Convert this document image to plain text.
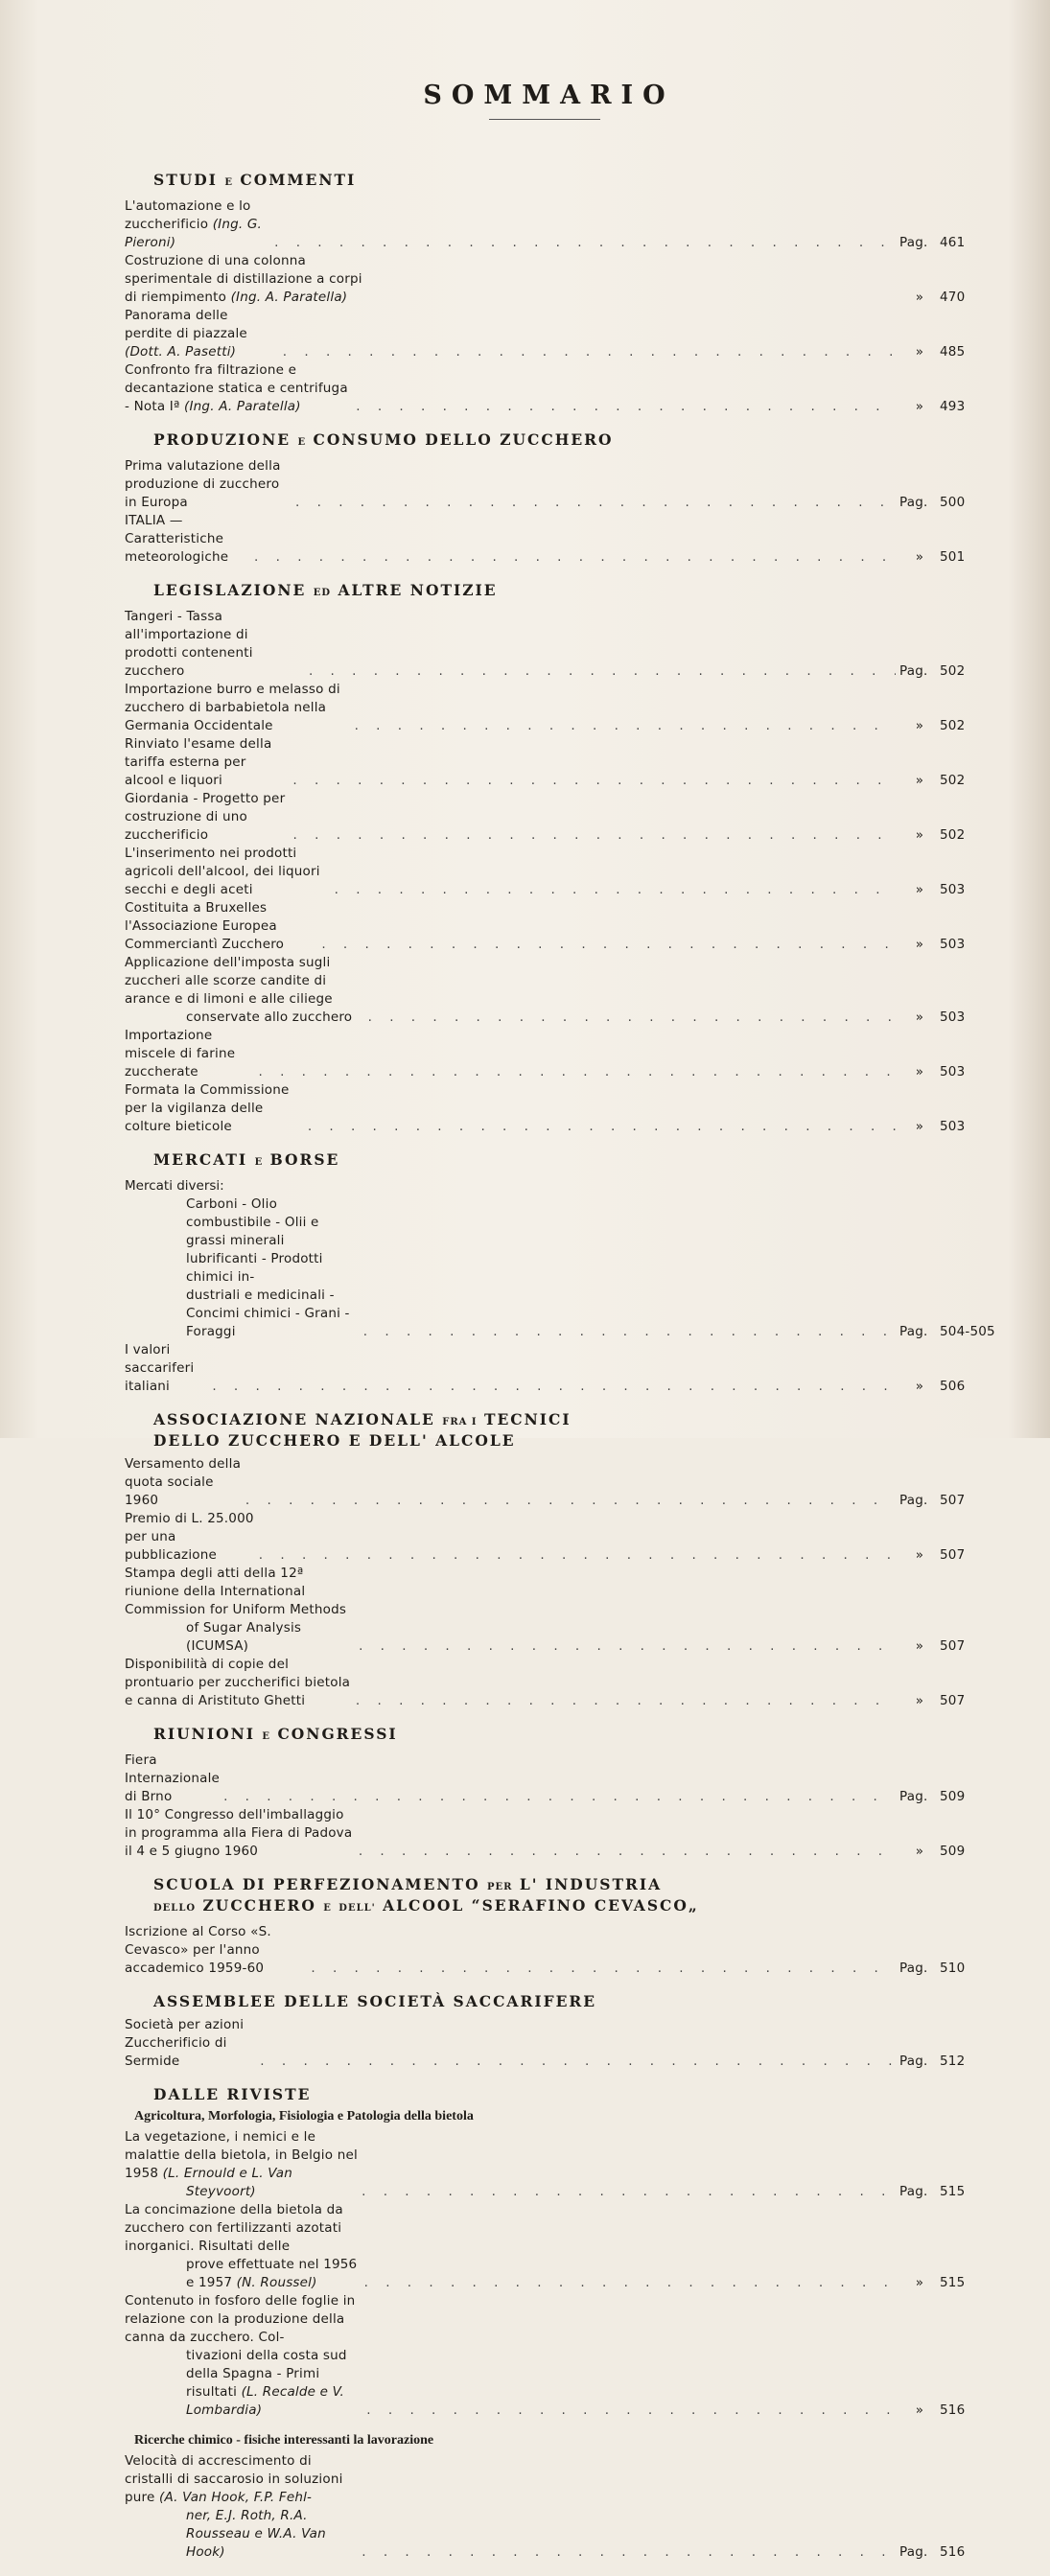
SOMMARIO
STUDI E COMMENTI
L'automazione e lo zuccherificio (Ing. G. Pieroni) . . .	Pag. 461
Costruzione di una colonna sperimentale di distillazione a corpi di riempimento (Ing. A. Paratella)	»	470
Panorama delle perdite di piazzale (Dott. A. Pasetti) . . .	»	485
Confronto fra filtrazione e decantazione statica e centrifuga - Nota Iª (Ing. A. Paratella) . . .	»	493
PRODUZIONE E CONSUMO DELLO ZUCCHERO
Prima valutazione della produzione di zucchero in Europa . . .	Pag. 500
ITALIA — Caratteristiche meteorologiche . . .	»	501
LEGISLAZIONE ED ALTRE NOTIZIE
Tangeri - Tassa all'importazione di prodotti contenenti zucchero . . .	Pag. 502
Importazione burro e melasso di zucchero di barbabietola nella Germania Occidentale . . .	»	502
Rinviato l'esame della tariffa esterna per alcool e liquori . . .	»	502
Giordania - Progetto per costruzione di uno zuccherificio . . .	»	502
L'inserimento nei prodotti agricoli dell'alcool, dei liquori secchi e degli aceti . . .	»	503
Costituita a Bruxelles l'Associazione Europea Commerciantì Zucchero . . .	»	503
Applicazione dell'imposta sugli zuccheri alle scorze candite di arance e di limoni e alle ciliege
conservate allo zucchero . . .	»	503
Importazione miscele di farine zuccherate . . .	»	503
Formata la Commissione per la vigilanza delle colture bieticole . . .	»	503
MERCATI E BORSE
Mercati diversi:
Carboni - Olio combustibile - Olii e grassi minerali lubrificanti - Prodotti chimici in-
dustriali e medicinali - Concimi chimici - Grani - Foraggi . . .	Pag. 504-505
I valori saccariferi italiani . . .	»	506
ASSOCIAZIONE NAZIONALE FRA I TECNICI
DELLO ZUCCHERO E DELL' ALCOLE
Versamento della quota sociale 1960 . . .	Pag. 507
Premio di L. 25.000 per una pubblicazione . . .	»	507
Stampa degli atti della 12ª riunione della International Commission for Uniform Methods
of Sugar Analysis (ICUMSA) . . .	»	507
Disponibilità di copie del prontuario per zuccherifici bietola e canna di Aristituto Ghetti . . .	»	507
RIUNIONI E CONGRESSI
Fiera Internazionale di Brno . . .	Pag. 509
Il 10° Congresso dell'imballaggio in programma alla Fiera di Padova il 4 e 5 giugno 1960 . . .	»	509
SCUOLA DI PERFEZIONAMENTO PER L' INDUSTRIA
DELLO ZUCCHERO E DELL' ALCOOL “SERAFINO CEVASCO„
Iscrizione al Corso «S. Cevasco» per l'anno accademico 1959-60 . . .	Pag. 510
ASSEMBLEE DELLE SOCIETÀ SACCARIFERE
Società per azioni Zuccherificio di Sermide . . .	Pag. 512
DALLE RIVISTE
Agricoltura, Morfologia, Fisiologia e Patologia della bietola
La vegetazione, i nemici e le malattie della bietola, in Belgio nel 1958 (L. Ernould e L. Van
Steyvoort) . . .	Pag. 515
La concimazione della bietola da zucchero con fertilizzanti azotati inorganici. Risultati delle
prove effettuate nel 1956 e 1957 (N. Roussel) . . .	»	515
Contenuto in fosforo delle foglie in relazione con la produzione della canna da zucchero. Col-
tivazioni della costa sud della Spagna - Primi risultati (L. Recalde e V. Lombardia) . . .	»	516
Ricerche chimico - fisiche interessanti la lavorazione
Velocità di accrescimento di cristalli di saccarosio in soluzioni pure (A. Van Hook, F.P. Fehl-
ner, E.J. Roth, R.A. Rousseau e W.A. Van Hook) . . .	Pag. 516
